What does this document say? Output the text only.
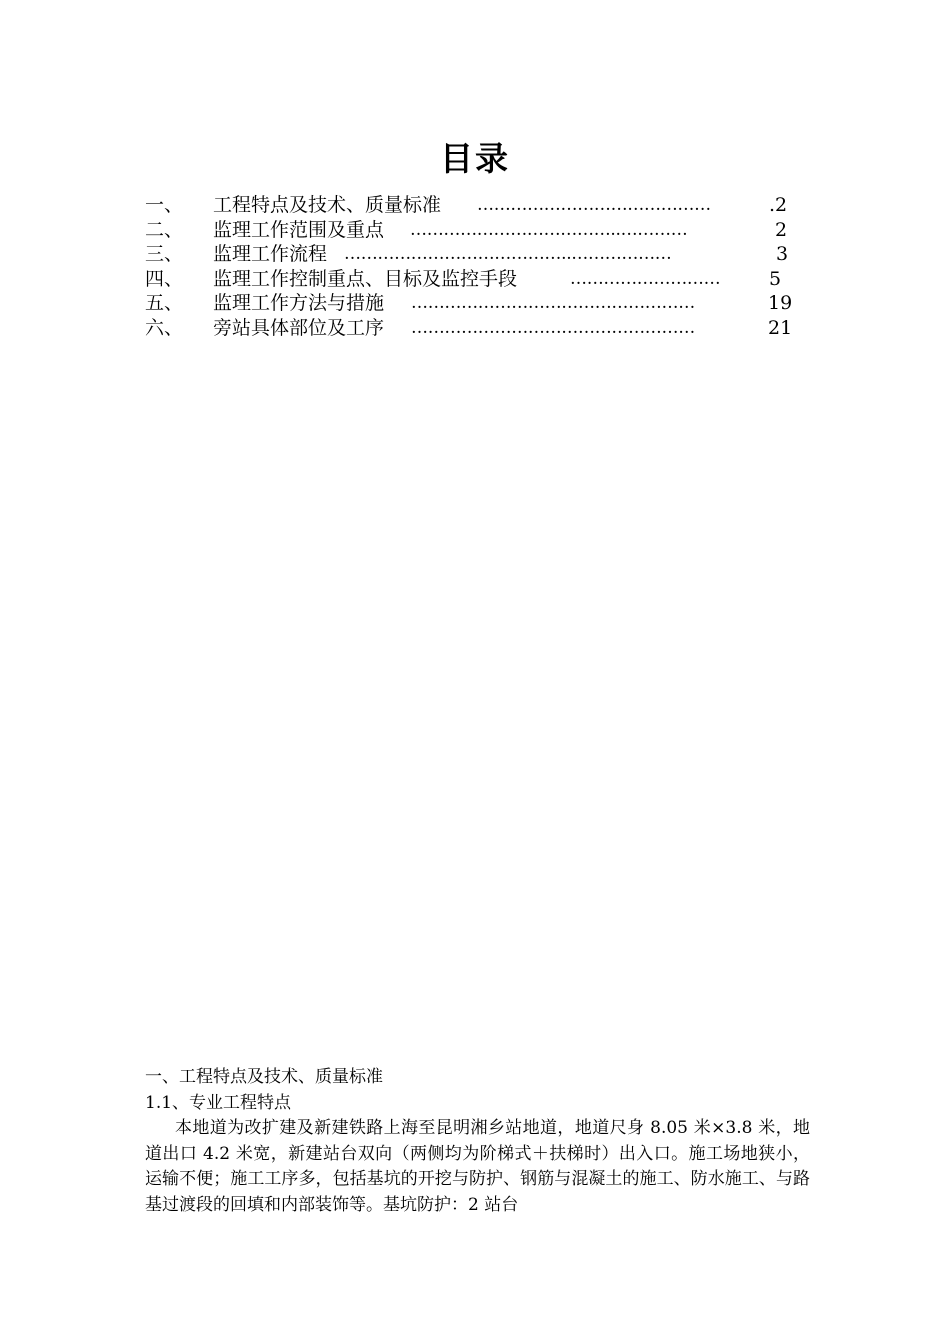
目录
一、 工程特点及技术、质量标准 ……………………………………	.2
二、 监理工作范围及重点 ………………………………..…………	2
三、 监理工作流程 …………………………………..………………	3
四、 监理工作控制重点、目标及监控手段	………………………	5
五、 监理工作方法与措施 ……………………………………………	19
六、 旁站具体部位及工序 ……………………………………………	21

一、工程特点及技术、质量标准

1.1、专业工程特点

本地道为改扩建及新建铁路上海至昆明湘乡站地道，地道尺身 8.05 米×3.8 米，地道出口 4.2 米宽，新建站台双向（两侧均为阶梯式＋扶梯时）出入口。施工场地狭小，运输不便；施工工序多，包括基坑的开挖与防护、钢筋与混凝土的施工、防水施工、与路基过渡段的回填和内部装饰等。基坑防护：2 站台
